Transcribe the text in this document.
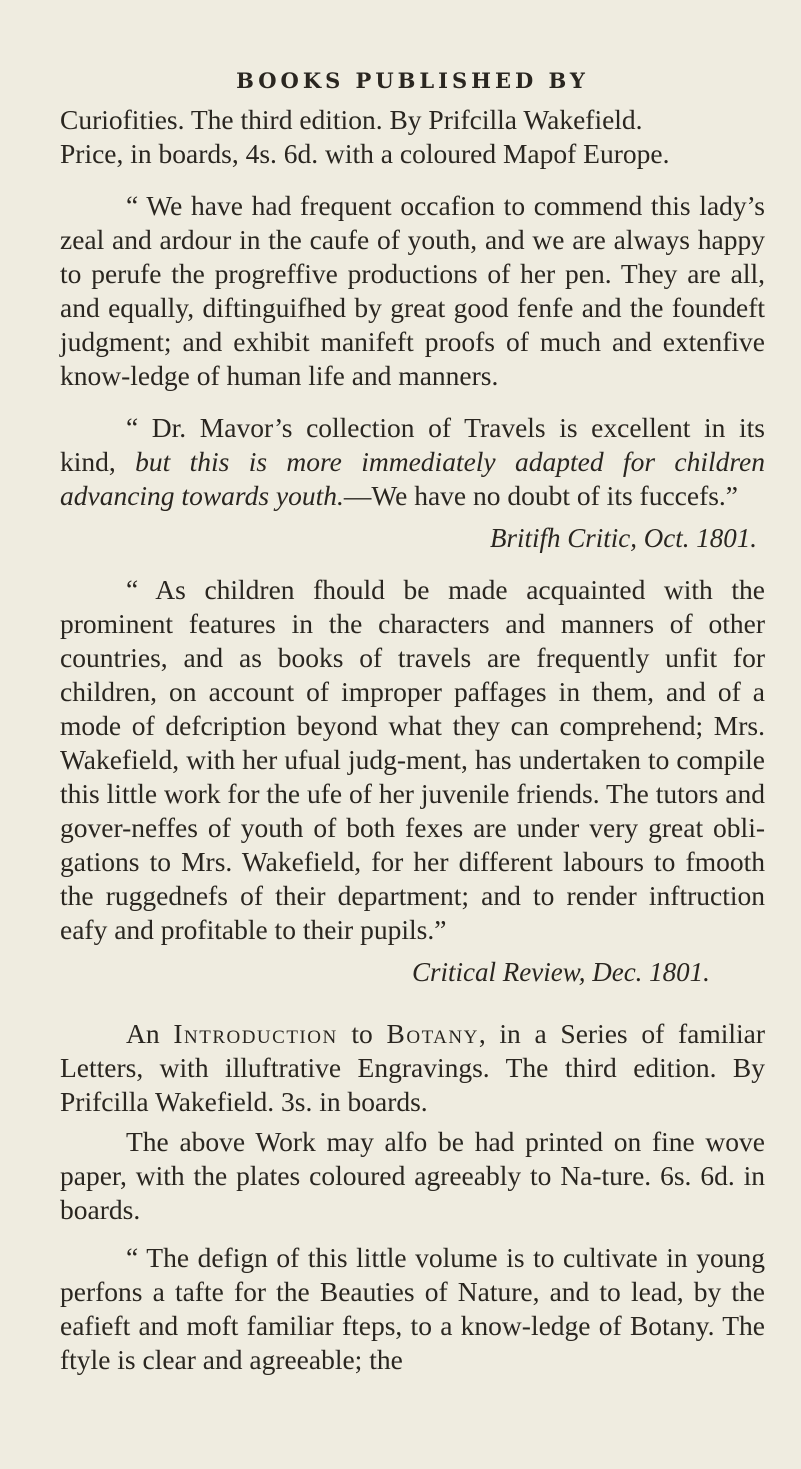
BOOKS PUBLISHED BY

Curiofities. The third edition. By Prifcilla Wakefield.

Price, in boards, 4s. 6d. with a coloured Mapof Europe.

“ We have had frequent occafion to commend this lady’s zeal and ardour in the caufe of youth, and we are always happy to perufe the progreffive productions of her pen. They are all, and equally, diftinguifhed by great good fenfe and the foundeft judgment; and exhibit manifeft proofs of much and extenfive know-ledge of human life and manners.

“ Dr. Mavor’s collection of Travels is excellent in its kind, but this is more immediately adapted for children advancing towards youth.—We have no doubt of its fuccefs.”

Britifh Critic, Oct. 1801.

“ As children fhould be made acquainted with the prominent features in the characters and manners of other countries, and as books of travels are frequently unfit for children, on account of improper paffages in them, and of a mode of defcription beyond what they can comprehend; Mrs. Wakefield, with her ufual judg-ment, has undertaken to compile this little work for the ufe of her juvenile friends. The tutors and gover-neffes of youth of both fexes are under very great obli-gations to Mrs. Wakefield, for her different labours to fmooth the ruggednefs of their department; and to render inftruction eafy and profitable to their pupils.”

Critical Review, Dec. 1801.

An Introduction to Botany, in a Series of familiar Letters, with illuftrative Engravings. The third edition. By Prifcilla Wakefield. 3s. in boards.

The above Work may alfo be had printed on fine wove paper, with the plates coloured agreeably to Na-ture. 6s. 6d. in boards.

“ The defign of this little volume is to cultivate in young perfons a tafte for the Beauties of Nature, and to lead, by the eafieft and moft familiar fteps, to a know-ledge of Botany. The ftyle is clear and agreeable; the
